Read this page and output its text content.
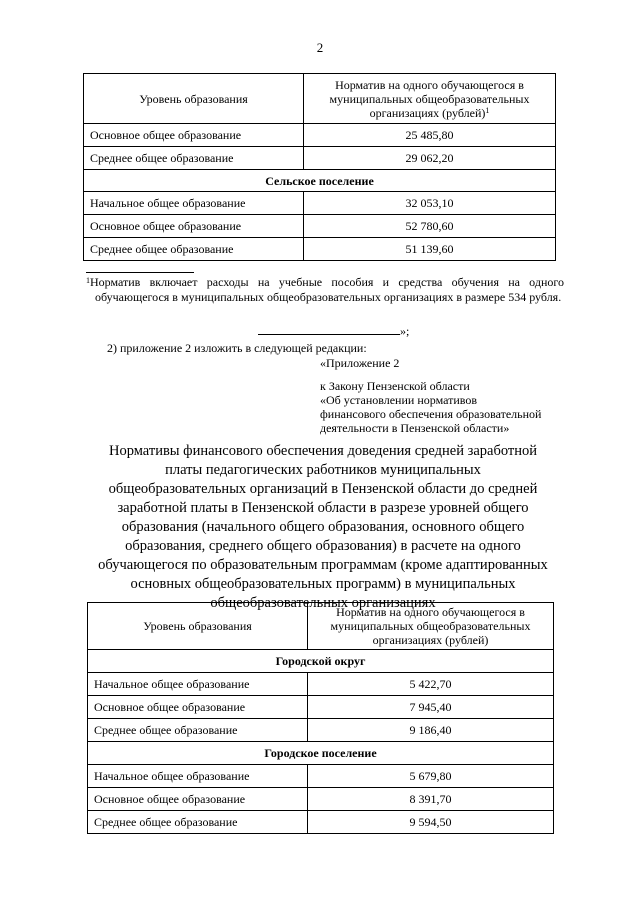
2
Уровень образования	Норматив на одного обучающегося в муниципальных общеобразовательных организациях (рублей)$^1$
Основное общее образование	25 485,80
Среднее общее образование	29 062,20
Сельское поселение	
Начальное общее образование	32 053,10
Основное общее образование	52 780,60
Среднее общее образование	51 139,60
$^1$Норматив включает расходы на учебные пособия и средства обучения на одного обучающегося в муниципальных общеобразовательных организациях в размере 534 рубля.
»;
2) приложение 2 изложить в следующей редакции:
«Приложение 2
к Закону Пензенской области
«Об установлении нормативов
финансового обеспечения образовательной
деятельности в Пензенской области»
Нормативы финансового обеспечения доведения средней заработной платы педагогических работников муниципальных общеобразовательных организаций в Пензенской области до средней заработной платы в Пензенской области в разрезе уровней общего образования (начального общего образования, основного общего образования, среднего общего образования) в расчете на одного обучающегося по образовательным программам (кроме адаптированных основных общеобразовательных программ) в муниципальных общеобразовательных организациях
Уровень образования	Норматив на одного обучающегося в муниципальных общеобразовательных организациях (рублей)
Городской округ	
Начальное общее образование	5 422,70
Основное общее образование	7 945,40
Среднее общее образование	9 186,40
Городское поселение	
Начальное общее образование	5 679,80
Основное общее образование	8 391,70
Среднее общее образование	9 594,50
